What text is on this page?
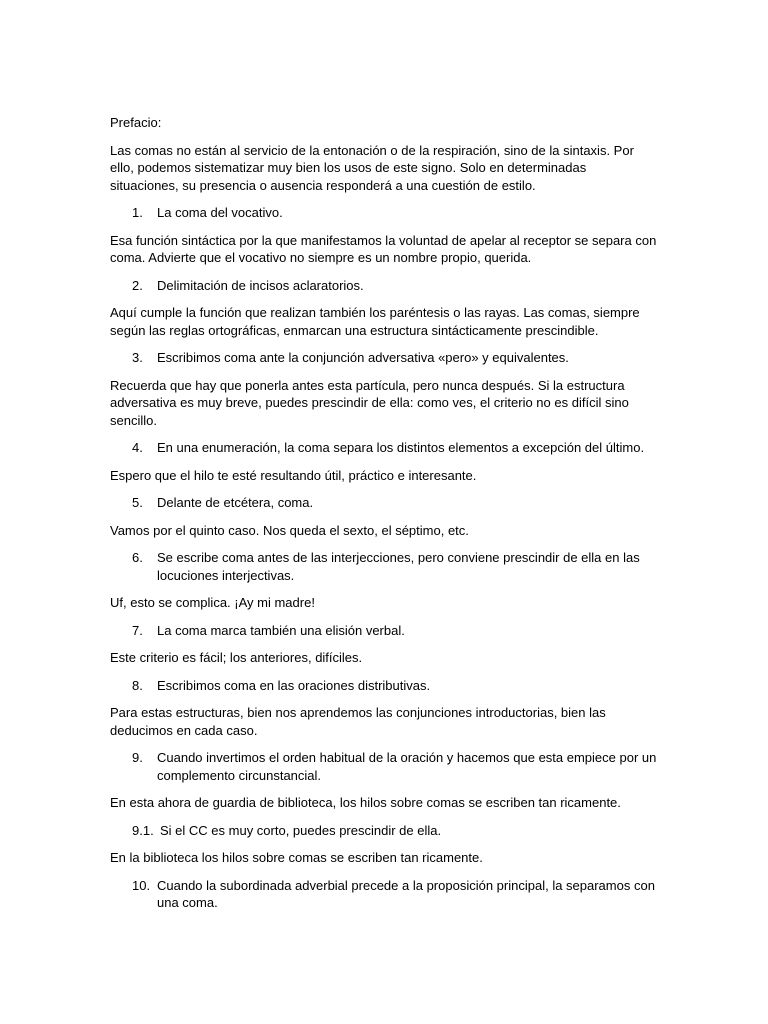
Prefacio:

Las comas no están al servicio de la entonación o de la respiración, sino de la sintaxis. Por ello, podemos sistematizar muy bien los usos de este signo. Solo en determinadas situaciones, su presencia o ausencia responderá a una cuestión de estilo.

1.	La coma del vocativo.

Esa función sintáctica por la que manifestamos la voluntad de apelar al receptor se separa con coma. Advierte que el vocativo no siempre es un nombre propio, querida.

2.	Delimitación de incisos aclaratorios.

Aquí cumple la función que realizan también los paréntesis o las rayas. Las comas, siempre según las reglas ortográficas, enmarcan una estructura sintácticamente prescindible.

3.	Escribimos coma ante la conjunción adversativa «pero» y equivalentes.

Recuerda que hay que ponerla antes esta partícula, pero nunca después. Si la estructura adversativa es muy breve, puedes prescindir de ella: como ves, el criterio no es difícil sino sencillo.

4.	En una enumeración, la coma separa los distintos elementos a excepción del último.

Espero que el hilo te esté resultando útil, práctico e interesante.

5.	Delante de etcétera, coma.

Vamos por el quinto caso. Nos queda el sexto, el séptimo, etc.

6.	Se escribe coma antes de las interjecciones, pero conviene prescindir de ella en las locuciones interjectivas.

Uf, esto se complica. ¡Ay mi madre!

7.	La coma marca también una elisión verbal.

Este criterio es fácil; los anteriores, difíciles.

8.	Escribimos coma en las oraciones distributivas.

Para estas estructuras, bien nos aprendemos las conjunciones introductorias, bien las deducimos en cada caso.

9.	Cuando invertimos el orden habitual de la oración y hacemos que esta empiece por un complemento circunstancial.

En esta ahora de guardia de biblioteca, los hilos sobre comas se escriben tan ricamente.

9.1. Si el CC es muy corto, puedes prescindir de ella.

En la biblioteca los hilos sobre comas se escriben tan ricamente.

10. Cuando la subordinada adverbial precede a la proposición principal, la separamos con una coma.
